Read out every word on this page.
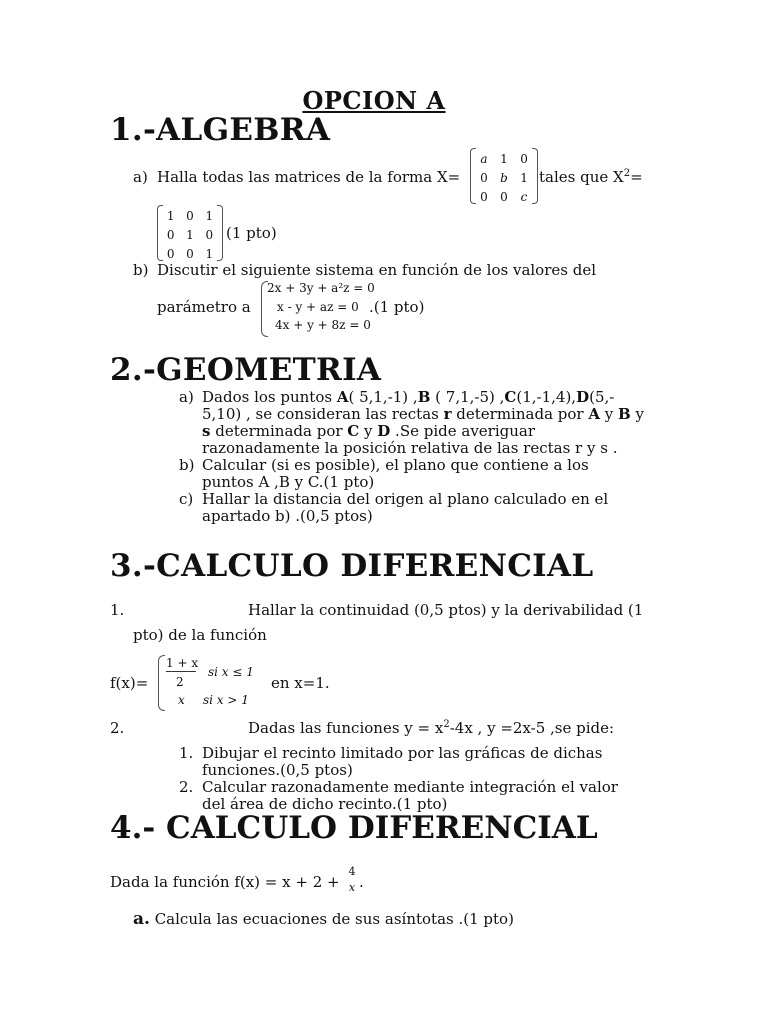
OPCION A
1.-ALGEBRA
a) Halla todas las matrices de la forma X=
a	1	0
0	b	1
0	0	c
tales que $X^2=$
1	0	1
0	1	0
0	0	1
(1 pto)
b) Discutir el siguiente sistema en función de los valores del
parámetro a
2x + 3y + a²z = 0
x - y + az = 0
4x + y + 8z = 0
.(1 pto)
2.-GEOMETRIA
a) Dados los puntos A( 5,1,-1) ,B ( 7,1,-5) ,C(1,-1,4),D(5,-
5,10) , se consideran las rectas r determinada por A y B y
s determinada por C y D .Se pide averiguar
razonadamente la posición relativa de las rectas r y s .
b) Calcular (si es posible), el plano que contiene a los
puntos A ,B y C.(1 pto)
c) Hallar la distancia del origen al plano calculado en el
apartado b) .(0,5 ptos)
3.-CALCULO DIFERENCIAL
1.	Hallar la continuidad (0,5 ptos) y la derivabilidad (1
pto) de la función
f(x)=
1 + x
2
si x ≤ 1
x si x > 1
en x=1.
2.	Dadas las funciones $y = x^2-4x$ , y =2x-5 ,se pide:
1. Dibujar el recinto limitado por las gráficas de dichas
funciones.(0,5 ptos)
2. Calcular razonadamente mediante integración el valor
del área de dicho recinto.(1 pto)
4.- CALCULO DIFERENCIAL
Dada la función f(x) = x + 2 +
4
x .
a. Calcula las ecuaciones de sus asíntotas .(1 pto)
